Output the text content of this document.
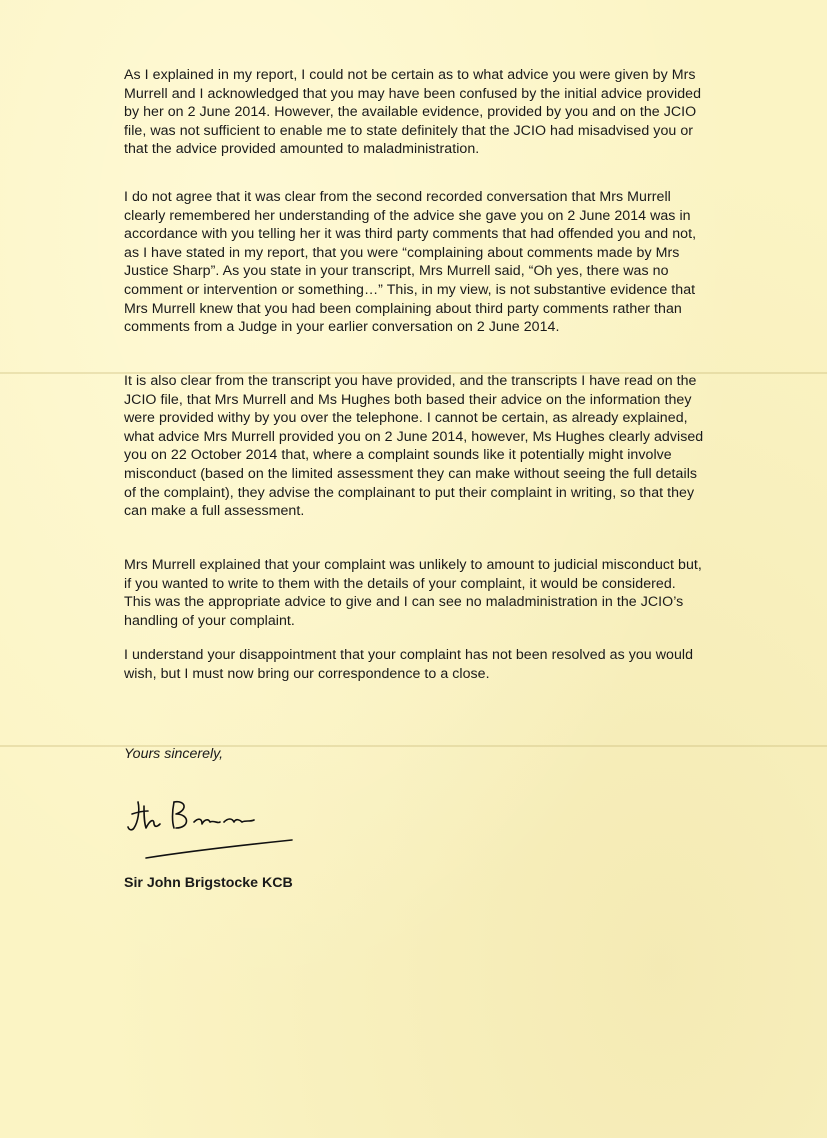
As I explained in my report, I could not be certain as to what advice you were given by Mrs Murrell and I acknowledged that you may have been confused by the initial advice provided by her on 2 June 2014. However, the available evidence, provided by you and on the JCIO file, was not sufficient to enable me to state definitely that the JCIO had misadvised you or that the advice provided amounted to maladministration.

I do not agree that it was clear from the second recorded conversation that Mrs Murrell clearly remembered her understanding of the advice she gave you on 2 June 2014 was in accordance with you telling her it was third party comments that had offended you and not, as I have stated in my report, that you were “complaining about comments made by Mrs Justice Sharp”. As you state in your transcript, Mrs Murrell said, “Oh yes, there was no comment or intervention or something…” This, in my view, is not substantive evidence that Mrs Murrell knew that you had been complaining about third party comments rather than comments from a Judge in your earlier conversation on 2 June 2014.

It is also clear from the transcript you have provided, and the transcripts I have read on the JCIO file, that Mrs Murrell and Ms Hughes both based their advice on the information they were provided withy by you over the telephone. I cannot be certain, as already explained, what advice Mrs Murrell provided you on 2 June 2014, however, Ms Hughes clearly advised you on 22 October 2014 that, where a complaint sounds like it potentially might involve misconduct (based on the limited assessment they can make without seeing the full details of the complaint), they advise the complainant to put their complaint in writing, so that they can make a full assessment.

Mrs Murrell explained that your complaint was unlikely to amount to judicial misconduct but, if you wanted to write to them with the details of your complaint, it would be considered. This was the appropriate advice to give and I can see no maladministration in the JCIO’s handling of your complaint.

I understand your disappointment that your complaint has not been resolved as you would wish, but I must now bring our correspondence to a close.

Yours sincerely,
Sir John Brigstocke KCB
